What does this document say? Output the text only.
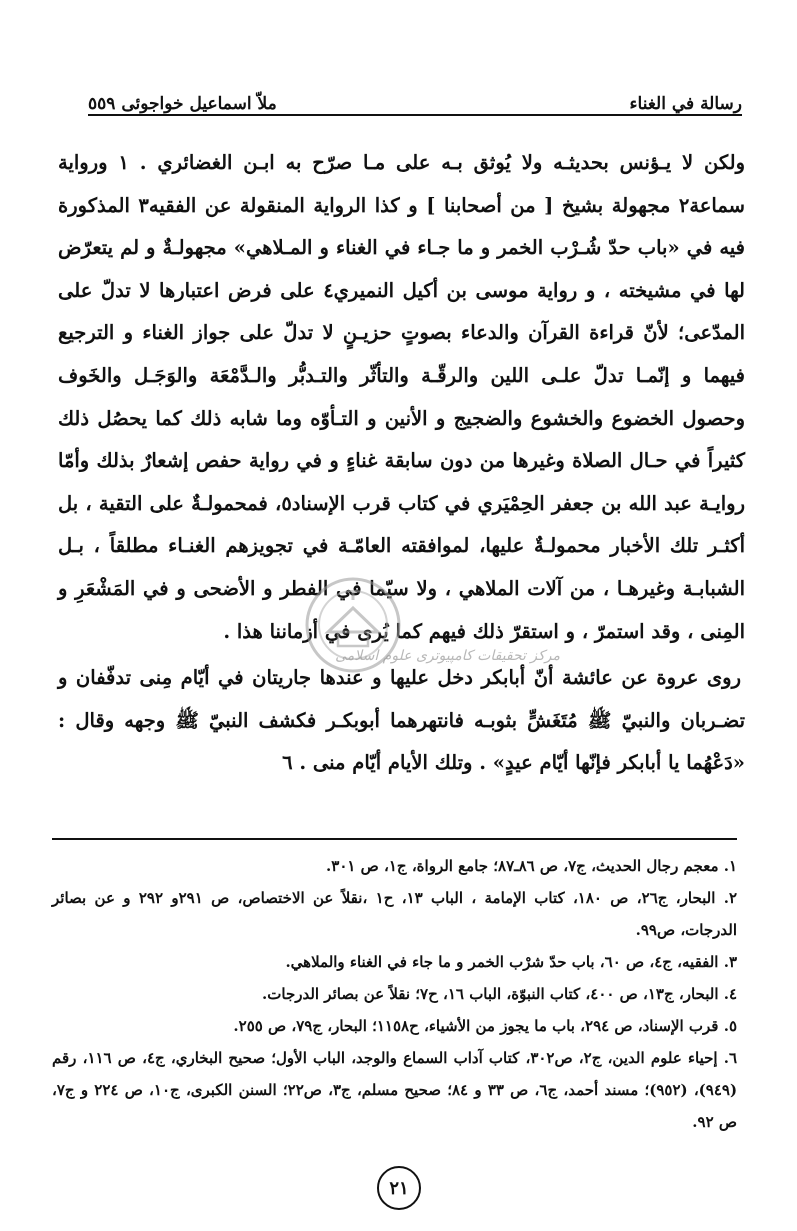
ملاّ اسماعيل خواجوئى ٥٥٩	رسالة في الغناء

ولكن لا يـؤنس بحديثـه ولا يُوثق بـه على مـا صرّح به ابـن الغضائري . ١ ورواية سماعة٢ مجهولة بشيخ [ من أصحابنا ] و كذا الرواية المنقولة عن الفقيه٣ المذكورة فيه في «باب حدّ شُـرْب الخمر و ما جـاء في الغناء و المـلاهي» مجهولـةٌ و لم يتعرّض لها في مشيخته ، و رواية موسى بن أكيل النميري٤ على فرض اعتبارها لا تدلّ على المدّعى؛ لأنّ قراءة القرآن والدعاء بصوتٍ حزيـنٍ لا تدلّ على جواز الغناء و الترجيع فيهما و إنّمـا تدلّ علـى اللين والرقّـة والتأثّر والتـدبُّر والـدَّمْعَة والوَجَـل والخَوف وحصول الخضوع والخشوع والضجيج و الأنين و التـأوّه وما شابه ذلك كما يحصُل ذلك كثيراً في حـال الصلاة وغيرها من دون سابقة غناءٍ و في رواية حفص إشعارٌ بذلك وأمّا روايـة عبد الله بن جعفر الحِمْيَري في كتاب قرب الإسناد٥، فمحمولـةٌ على التقية ، بل أكثـر تلك الأخبار محمولـةٌ عليها، لموافقته العامّـة في تجويزهم الغنـاء مطلقاً ، بـل الشبابـة وغيرهـا ، من آلات الملاهي ، ولا سيّما في الفطر و الأضحى و في المَشْعَرِ و المِنى ، وقد استمرّ ، و استقرّ ذلك فيهم كما يُرى في أزماننا هذا .

روى عروة عن عائشة أنّ أبابكر دخل عليها و عندها جاريتان في أيّام مِنى تدفّفان و تضـربان والنبيّ ﷺ مُتَغَشٍّ بثوبـه فانتهرهما أبوبكـر فكشف النبيّ ﷺ وجهه وقال : «دَعْهُما يا أبابكر فإنّها أيّام عيدٍ» . وتلك الأيام أيّام منى . ٦

مركز تحقيقات كامپيوترى علوم اسلامى

١. معجم رجال الحديث، ج٧، ص ٨٦ـ٨٧؛ جامع الرواة، ج١، ص ٣٠١.

٢. البحار، ج٢٦، ص ١٨٠، كتاب الإمامة ، الباب ١٣، ح١ ،نقلاً عن الاختصاص، ص ٢٩١و ٢٩٢ و عن بصائر الدرجات، ص٩٩.

٣. الفقيه، ج٤، ص ٦٠، باب حدّ شرْب الخمر و ما جاء في الغناء والملاهي.

٤. البحار، ج١٣، ص ٤٠٠، كتاب النبوّة، الباب ١٦، ح٧؛ نقلاً عن بصائر الدرجات.

٥. قرب الإسناد، ص ٢٩٤، باب ما يجوز من الأشياء، ح١١٥٨؛ البحار، ج٧٩، ص ٢٥٥.

٦. إحياء علوم الدين، ج٢، ص٣٠٢، كتاب آداب السماع والوجد، الباب الأول؛ صحيح البخاري، ج٤، ص ١١٦، رقم (٩٤٩)، (٩٥٢)؛ مسند أحمد، ج٦، ص ٣٣ و ٨٤؛ صحيح مسلم، ج٣، ص٢٢؛ السنن الكبرى، ج١٠، ص ٢٢٤ و ج٧، ص ٩٢.

٢١
